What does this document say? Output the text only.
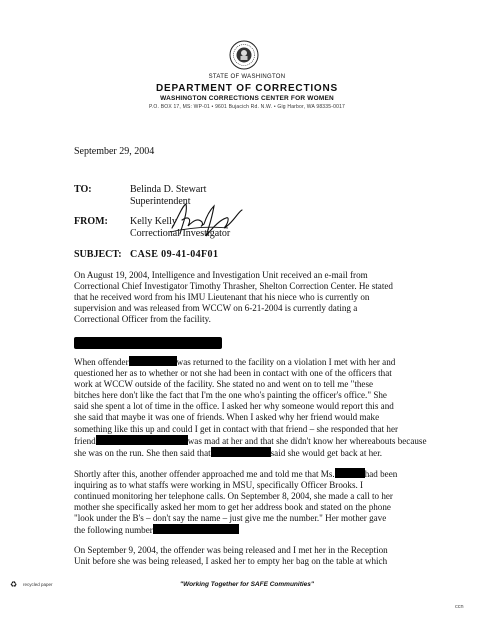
STATE OF WASHINGTON
DEPARTMENT OF CORRECTIONS
WASHINGTON CORRECTIONS CENTER FOR WOMEN
P.O. BOX 17, MS: WP-01 • 9601 Bujacich Rd. N.W. • Gig Harbor, WA 98335-0017
September 29, 2004
TO:	Belinda D. Stewart
Superintendent
FROM: Kelly Kelly
Correctional Investigator
SUBJECT: CASE 09-41-04F01

On August 19, 2004, Intelligence and Investigation Unit received an e-mail from

Correctional Chief Investigator Timothy Thrasher, Shelton Correction Center. He stated

that he received word from his IMU Lieutenant that his niece who is currently on

supervision and was released from WCCW on 6-21-2004 is currently dating a

Correctional Officer from the facility.

When offender	was returned to the facility on a violation I met with her and

questioned her as to whether or not she had been in contact with one of the officers that

work at WCCW outside of the facility. She stated no and went on to tell me "these

bitches here don't like the fact that I'm the one who's painting the officer's office." She

said she spent a lot of time in the office. I asked her why someone would report this and

she said that maybe it was one of friends. When I asked why her friend would make

something like this up and could I get in contact with that friend – she responded that her

friend	was mad at her and that she didn't know her whereabouts because

she was on the run. She then said that	said she would get back at her.

Shortly after this, another offender approached me and told me that Ms.	had been

inquiring as to what staffs were working in MSU, specifically Officer Brooks. I

continued monitoring her telephone calls. On September 8, 2004, she made a call to her

mother she specifically asked her mom to get her address book and stated on the phone

"look under the B's – don't say the name – just give me the number." Her mother gave

the following number

On September 9, 2004, the offender was being released and I met her in the Reception

Unit before she was being released, I asked her to empty her bag on the table at which

♻ recycled paper	"Working Together for SAFE Communities"
ccn
